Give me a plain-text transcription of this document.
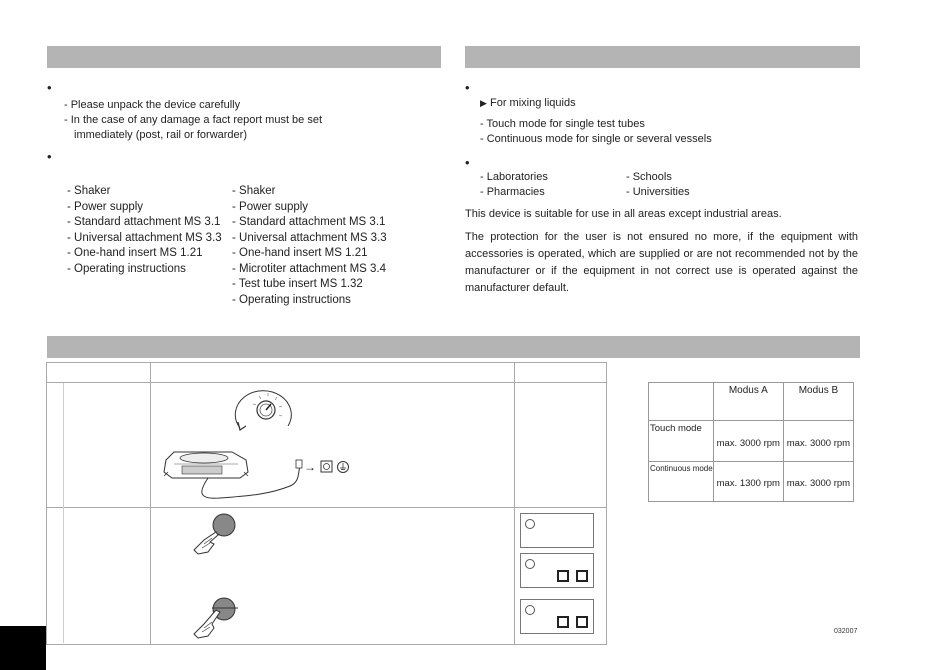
•
- Please unpack the device carefully
- In the case of any damage a fact report must be set
immediately (post, rail or forwarder)
•
- Shaker
- Power supply
- Standard attachment MS 3.1
- Universal attachment MS 3.3
- One-hand insert MS 1.21
- Operating instructions
- Shaker
- Power supply
- Standard attachment MS 3.1
- Universal attachment MS 3.3
- One-hand insert MS 1.21
- Microtiter attachment MS 3.4
- Test tube insert MS 1.32
- Operating instructions
•
▶ For mixing liquids
- Touch mode for single test tubes
- Continuous mode for single or several vessels
•
- Laboratories
- Pharmacies
- Schools
- Universities
This device is suitable for use in all areas except industrial areas.
The protection for the user is not ensured no more, if the equipment with accessories is operated, which are supplied or are not recommended not by the manufacturer or if the equipment in not correct use is operated against the manufacturer default.
→
	Modus A	Modus B
Touch mode	max. 3000 rpm	max. 3000 rpm
Continuous mode	max. 1300 rpm	max. 3000 rpm
032007
